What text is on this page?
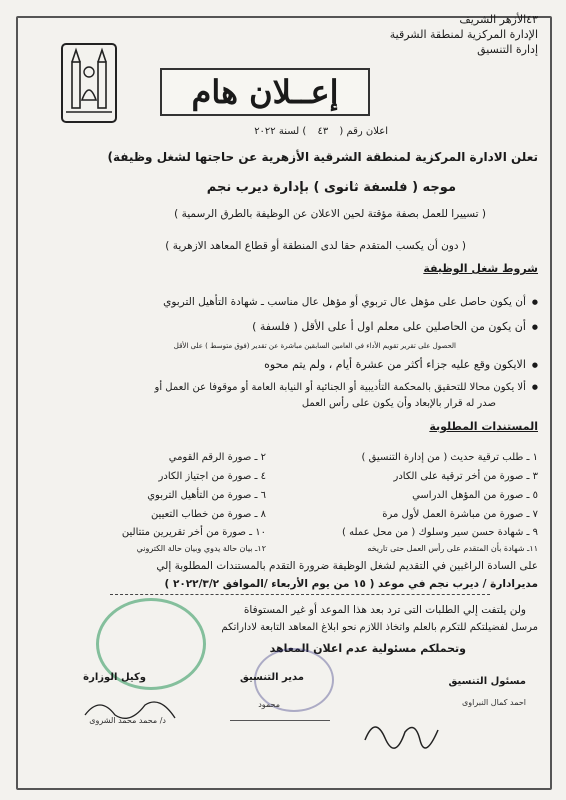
٤٣الأزهر الشريف
الإدارة المركزية لمنطقة الشرقية
إدارة التنسيق
إعــلان هام
اعلان رقم ( ٤٣ ) لسنة ٢٠٢٢
تعلن الادارة المركزية لمنطقة الشرقية الأزهرية عن حاجتها لشغل وظيفة)
موجه ( فلسفة ثانوى ) بإدارة ديرب نجم
( تسييرا للعمل بصفة مؤقتة لحين الاعلان عن الوظيفة بالطرق الرسمية )
( دون أن يكسب المتقدم حقا لدى المنطقة أو قطاع المعاهد الازهرية )
شروط شغل الوظيفة
● أن يكون حاصل على مؤهل عال تربوي أو مؤهل عال مناسب ـ شهادة التأهيل التربوي
● أن يكون من الحاصلين على معلم اول أ على الأقل ( فلسفة )
الحصول على تقرير تقويم الأداء في العامين السابقين مباشرة عن تقدير (فوق متوسط ) على الأقل
● الايكون وقع عليه جزاء أكثر من عشرة أيام ، ولم يتم محوه
● ألا يكون محالا للتحقيق بالمحكمة التأديبية أو الجنائية أو النيابة العامة أو موقوفا عن العمل أو
صدر له قرار بالإبعاد وأن يكون على رأس العمل
المستندات المطلوبة
١ ـ طلب ترقية حديث ( من إدارة التنسيق )
٣ ـ صورة من أخر ترقية على الكادر
٥ ـ صورة من المؤهل الدراسي
٧ ـ صورة من مباشرة العمل لأول مرة
٩ ـ شهادة حسن سير وسلوك ( من محل عمله )
١١ـ شهادة بأن المتقدم على رأس العمل حتى تاريخه
٢ ـ صورة الرقم القومي
٤ ـ صورة من اجتياز الكادر
٦ ـ صورة من التأهيل التربوي
٨ ـ صورة من خطاب التعيين
١٠ ـ صورة من أخر تقريرين متتالين
١٢ـ بيان حالة يدوي وبيان حالة الكتروني
على السادة الراغبين في التقديم لشغل الوظيفة ضرورة التقدم بالمستندات المطلوبة إلي
مديرادارة / ديرب نجم في موعد ( ١٥ من يوم الأربعاء /الموافق ٢٠٢٢/٣/٢ )
ولن يلتفت إلي الطلبات التى ترد بعد هذا الموعد أو غير المستوفاة
مرسل لفضيلتكم للتكرم بالعلم واتخاذ اللازم نحو ابلاغ المعاهد التابعة لاداراتكم
وتحملكم مسئولية عدم اعلان المعاهد
مسئول التنسيق
احمد كمال النبراوى
مدير التنسيق
محمود
وكيل الوزارة
د/ محمد محمد الشروى
